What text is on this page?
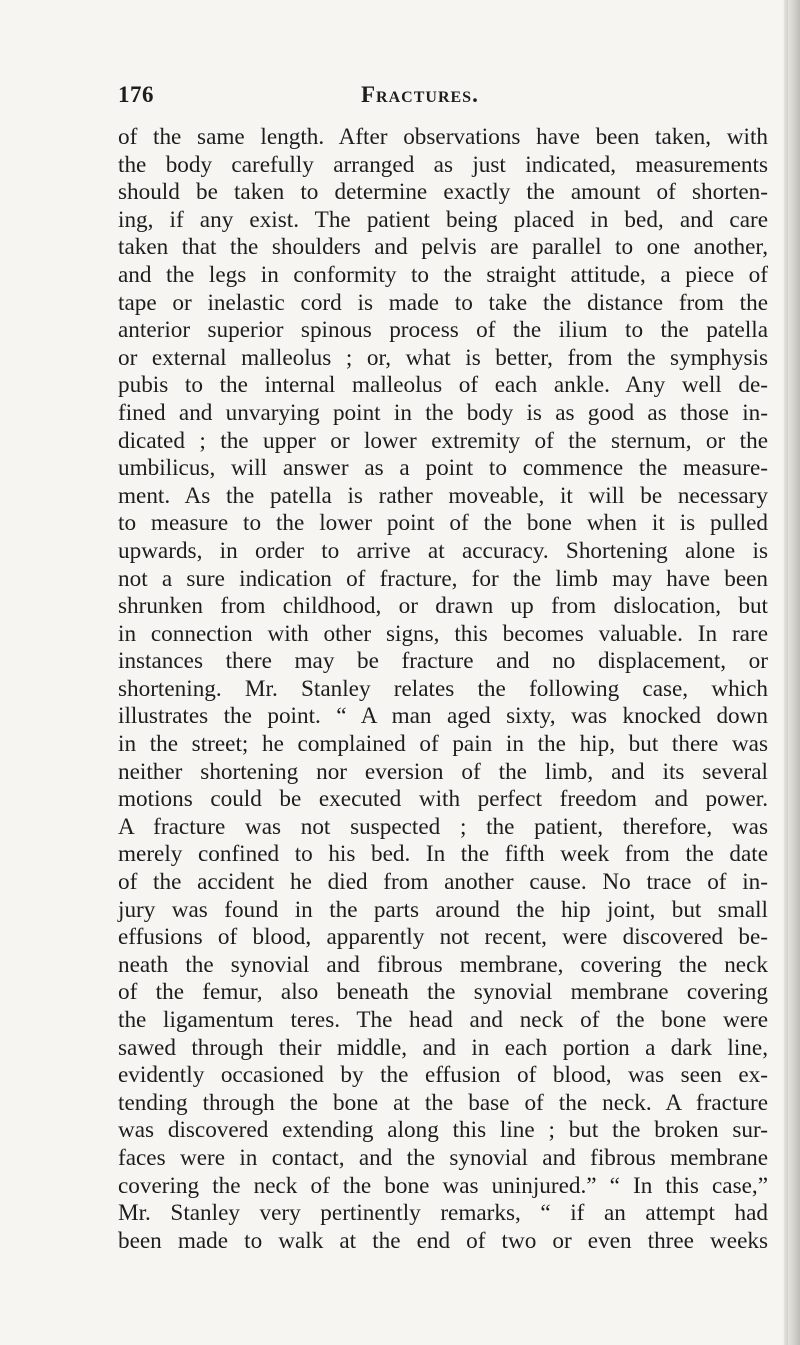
176	Fractures.
of the same length. After observations have been taken, with
the body carefully arranged as just indicated, measurements
should be taken to determine exactly the amount of shorten-
ing, if any exist. The patient being placed in bed, and care
taken that the shoulders and pelvis are parallel to one another,
and the legs in conformity to the straight attitude, a piece of
tape or inelastic cord is made to take the distance from the
anterior superior spinous process of the ilium to the patella
or external malleolus ; or, what is better, from the symphysis
pubis to the internal malleolus of each ankle. Any well de-
fined and unvarying point in the body is as good as those in-
dicated ; the upper or lower extremity of the sternum, or the
umbilicus, will answer as a point to commence the measure-
ment. As the patella is rather moveable, it will be necessary
to measure to the lower point of the bone when it is pulled
upwards, in order to arrive at accuracy. Shortening alone is
not a sure indication of fracture, for the limb may have been
shrunken from childhood, or drawn up from dislocation, but
in connection with other signs, this becomes valuable. In rare
instances there may be fracture and no displacement, or
shortening. Mr. Stanley relates the following case, which
illustrates the point. “ A man aged sixty, was knocked down
in the street; he complained of pain in the hip, but there was
neither shortening nor eversion of the limb, and its several
motions could be executed with perfect freedom and power.
A fracture was not suspected ; the patient, therefore, was
merely confined to his bed. In the fifth week from the date
of the accident he died from another cause. No trace of in-
jury was found in the parts around the hip joint, but small
effusions of blood, apparently not recent, were discovered be-
neath the synovial and fibrous membrane, covering the neck
of the femur, also beneath the synovial membrane covering
the ligamentum teres. The head and neck of the bone were
sawed through their middle, and in each portion a dark line,
evidently occasioned by the effusion of blood, was seen ex-
tending through the bone at the base of the neck. A fracture
was discovered extending along this line ; but the broken sur-
faces were in contact, and the synovial and fibrous membrane
covering the neck of the bone was uninjured.” “ In this case,”
Mr. Stanley very pertinently remarks, “ if an attempt had
been made to walk at the end of two or even three weeks
